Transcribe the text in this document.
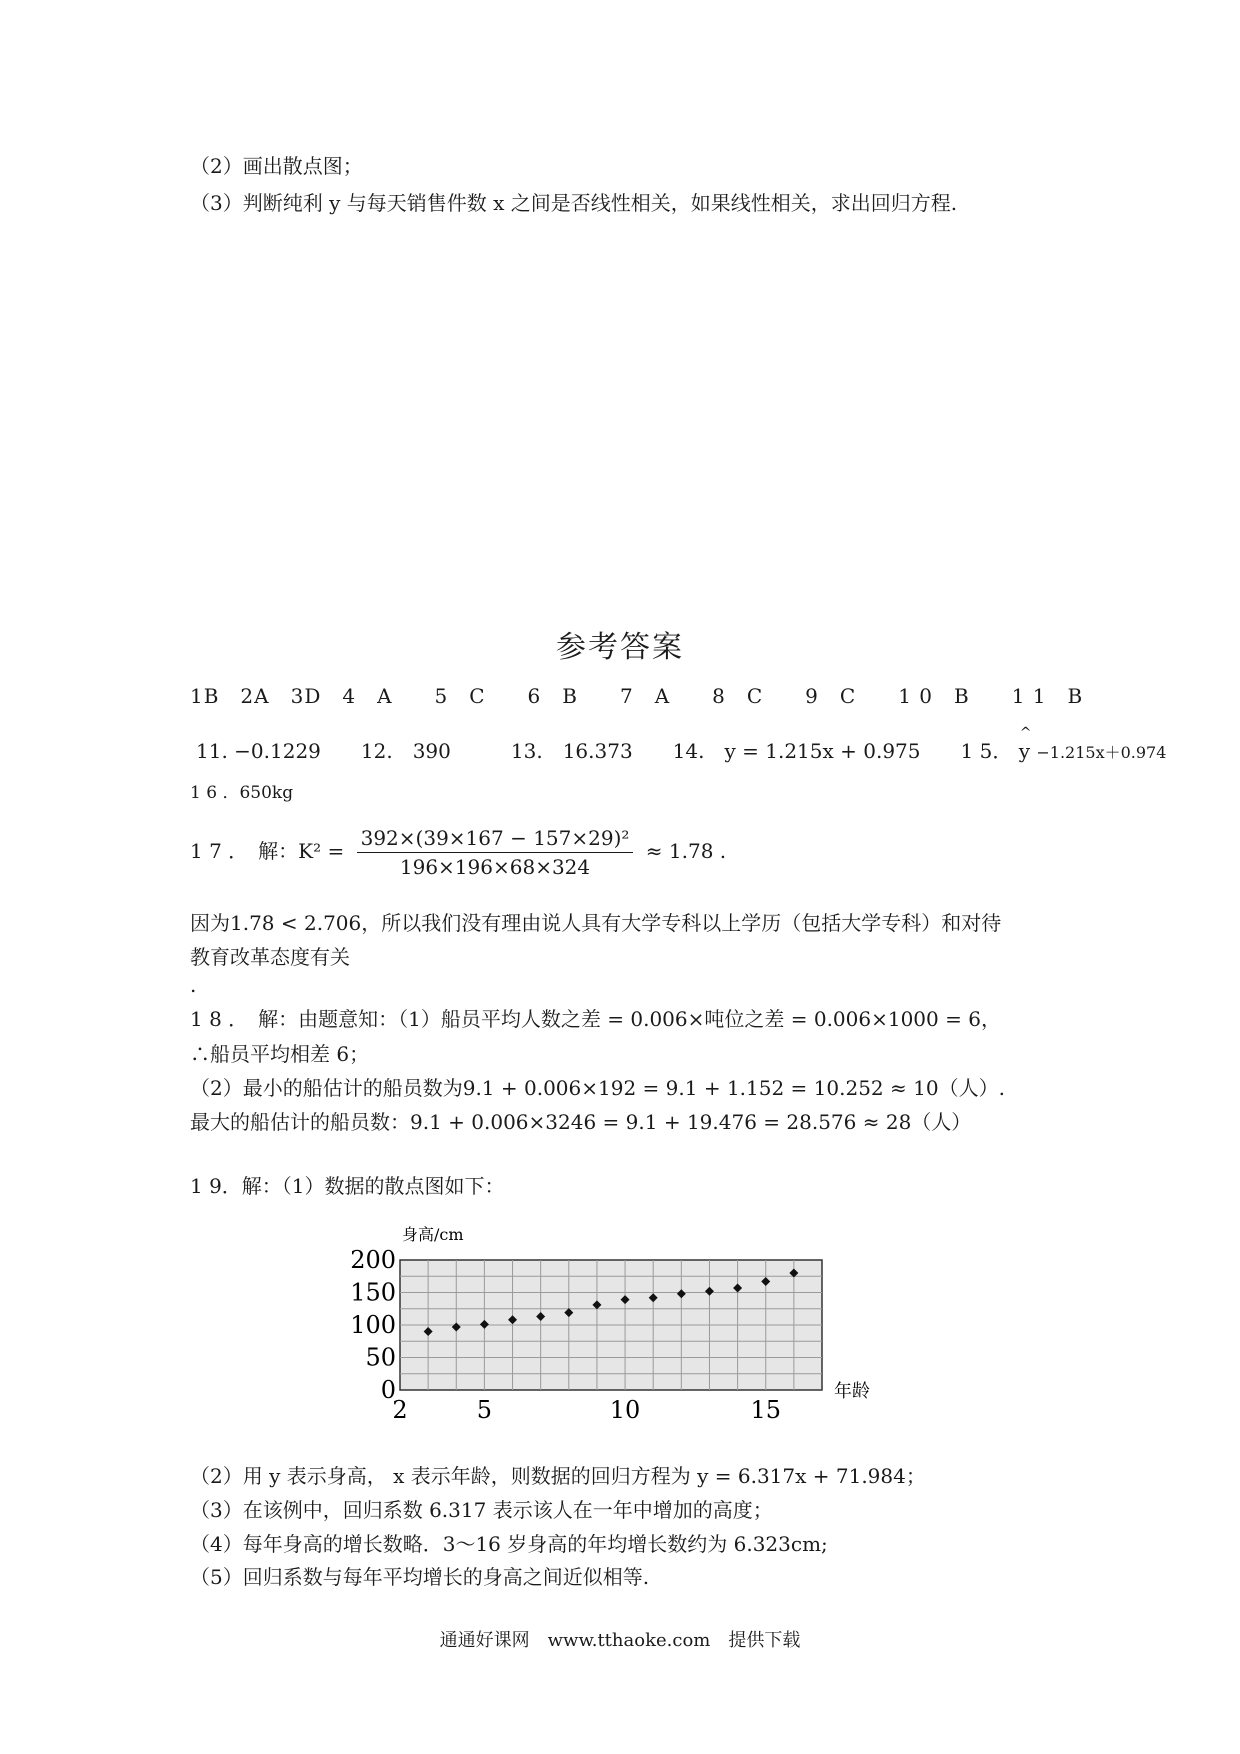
（2）画出散点图；
（3）判断纯利 y 与每天销售件数 x 之间是否线性相关，如果线性相关，求出回归方程.
参考答案
1B　2A　3D　4　A　　5　C　　6　B　　7　A　　8　C　　9　C　　1 0　B　　1 1　B
11. −0.1229　　12.　390　　　13.　16.373　　14.　y = 1.215x + 0.975　　1 5． ^ y −1.215x＋0.974
1 6 ．650kg
1 7 ．　解：$K^2 = \frac{\text{392×(39×167 − 157×29)²}}{196\times 196\times 68\times 324} \approx 1.78$ .
因为1.78 < 2.706，所以我们没有理由说人具有大学专科以上学历（包括大学专科）和对待
教育改革态度有关
.
1 8 ．　解：由题意知：（1）船员平均人数之差 = 0.006×吨位之差 = 0.006×1000 = 6，
∴船员平均相差 6；
（2）最小的船估计的船员数为9.1 + 0.006×192 = 9.1 + 1.152 = 10.252 ≈ 10（人）.
最大的船估计的船员数：9.1 + 0.006×3246 = 9.1 + 19.476 = 28.576 ≈ 28（人）
1 9．解：（1）数据的散点图如下：
0
50
100
150
200
2	5	10	15
身高/cm
年龄
（2）用 y 表示身高， x 表示年龄，则数据的回归方程为 y = 6.317x + 71.984；
（3）在该例中，回归系数 6.317 表示该人在一年中增加的高度；
（4）每年身高的增长数略．3～16 岁身高的年均增长数约为 6.323cm;
（5）回归系数与每年平均增长的身高之间近似相等.
通通好课网　www.tthaoke.com　提供下载
